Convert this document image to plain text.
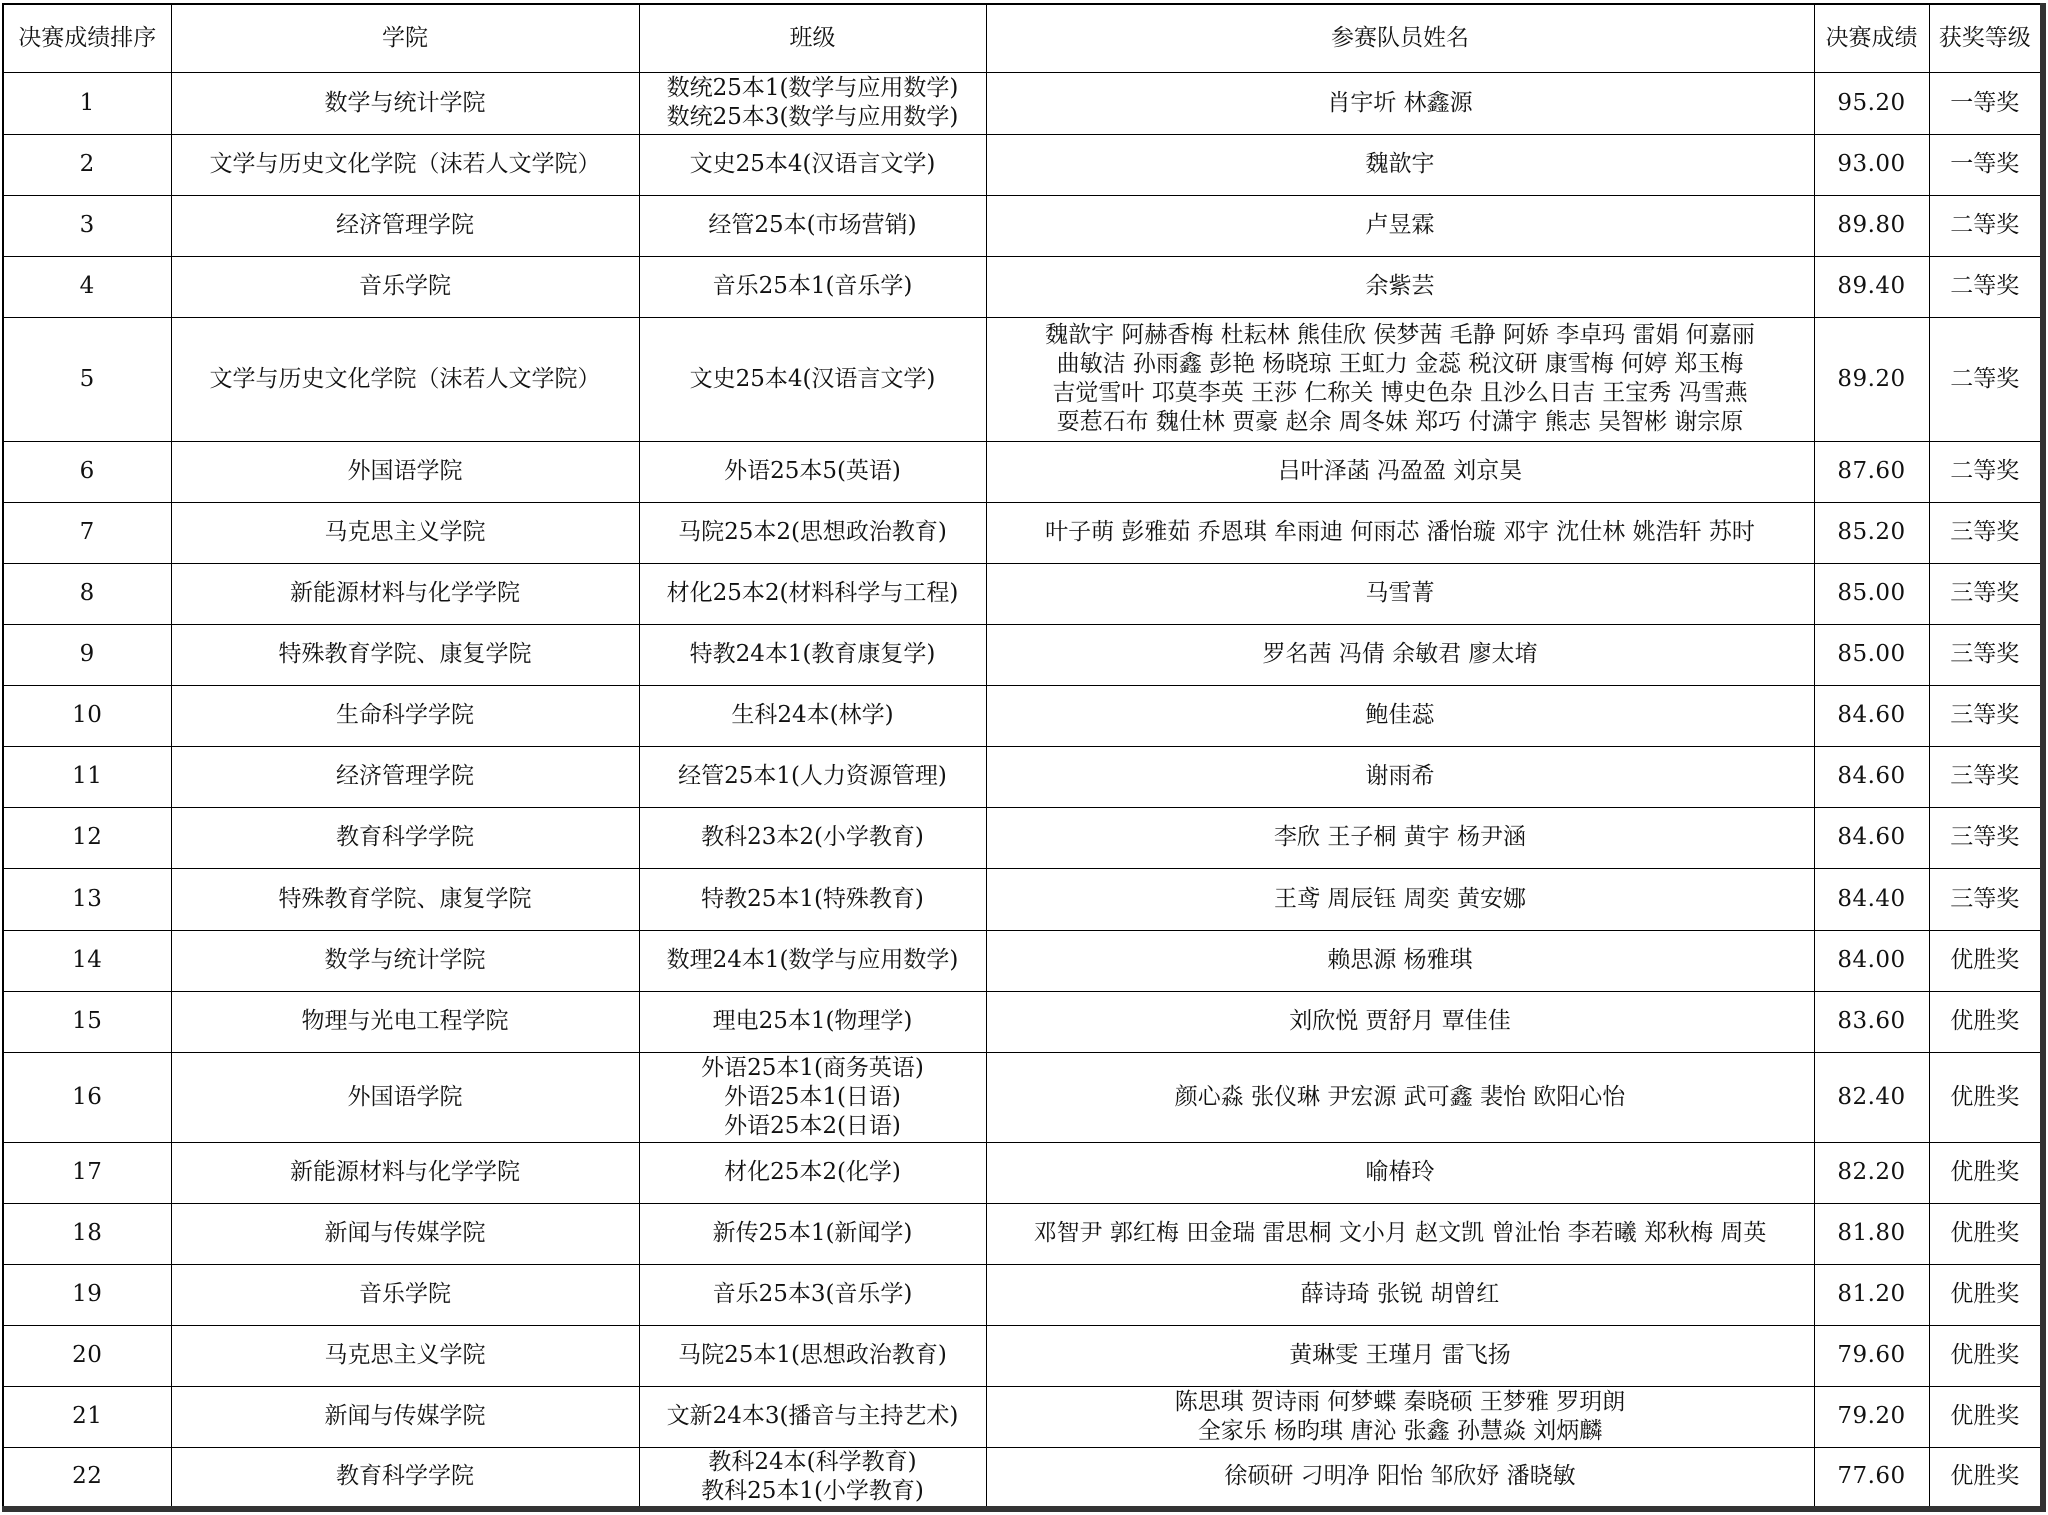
决赛成绩排序	学院	班级	参赛队员姓名	决赛成绩	获奖等级
1	数学与统计学院	数统25本1(数学与应用数学)
数统25本3(数学与应用数学)	肖宇圻 林鑫源	95.20	一等奖
2	文学与历史文化学院（沫若人文学院）	文史25本4(汉语言文学)	魏歆宇	93.00	一等奖
3	经济管理学院	经管25本(市场营销)	卢昱霖	89.80	二等奖
4	音乐学院	音乐25本1(音乐学)	余紫芸	89.40	二等奖
5	文学与历史文化学院（沫若人文学院）	文史25本4(汉语言文学)	魏歆宇 阿赫香梅 杜耘林 熊佳欣 侯梦茜 毛静 阿娇 李卓玛 雷娟 何嘉丽
曲敏洁 孙雨鑫 彭艳 杨晓琼 王虹力 金蕊 税汶研 康雪梅 何婷 郑玉梅
吉觉雪叶 邛莫李英 王莎 仁称关 博史色杂 且沙么日吉 王宝秀 冯雪燕
耍惹石布 魏仕林 贾豪 赵余 周冬妹 郑巧 付潇宇 熊志 吴智彬 谢宗原	89.20	二等奖
6	外国语学院	外语25本5(英语)	吕叶泽菡 冯盈盈 刘京昊	87.60	二等奖
7	马克思主义学院	马院25本2(思想政治教育)	叶子萌 彭雅茹 乔恩琪 牟雨迪 何雨芯 潘怡璇 邓宇 沈仕林 姚浩轩 苏时	85.20	三等奖
8	新能源材料与化学学院	材化25本2(材料科学与工程)	马雪菁	85.00	三等奖
9	特殊教育学院、康复学院	特教24本1(教育康复学)	罗名茜 冯倩 余敏君 廖太堉	85.00	三等奖
10	生命科学学院	生科24本(林学)	鲍佳蕊	84.60	三等奖
11	经济管理学院	经管25本1(人力资源管理)	谢雨希	84.60	三等奖
12	教育科学学院	教科23本2(小学教育)	李欣 王子桐 黄宇 杨尹涵	84.60	三等奖
13	特殊教育学院、康复学院	特教25本1(特殊教育)	王鸢 周辰钰 周奕 黄安娜	84.40	三等奖
14	数学与统计学院	数理24本1(数学与应用数学)	赖思源 杨雅琪	84.00	优胜奖
15	物理与光电工程学院	理电25本1(物理学)	刘欣悦 贾舒月 覃佳佳	83.60	优胜奖
16	外国语学院	外语25本1(商务英语)
外语25本1(日语)
外语25本2(日语)	颜心淼 张仪琳 尹宏源 武可鑫 裴怡 欧阳心怡	82.40	优胜奖
17	新能源材料与化学学院	材化25本2(化学)	喻椿玲	82.20	优胜奖
18	新闻与传媒学院	新传25本1(新闻学)	邓智尹 郭红梅 田金瑞 雷思桐 文小月 赵文凯 曾沚怡 李若曦 郑秋梅 周英	81.80	优胜奖
19	音乐学院	音乐25本3(音乐学)	薛诗琦 张锐 胡曾红	81.20	优胜奖
20	马克思主义学院	马院25本1(思想政治教育)	黄琳雯 王瑾月 雷飞扬	79.60	优胜奖
21	新闻与传媒学院	文新24本3(播音与主持艺术)	陈思琪 贺诗雨 何梦蝶 秦晓硕 王梦雅 罗玥朗
全家乐 杨昀琪 唐沁 张鑫 孙慧焱 刘炳麟	79.20	优胜奖
22	教育科学学院	教科24本(科学教育)
教科25本1(小学教育)	徐硕研 刁明净 阳怡 邹欣妤 潘晓敏	77.60	优胜奖
